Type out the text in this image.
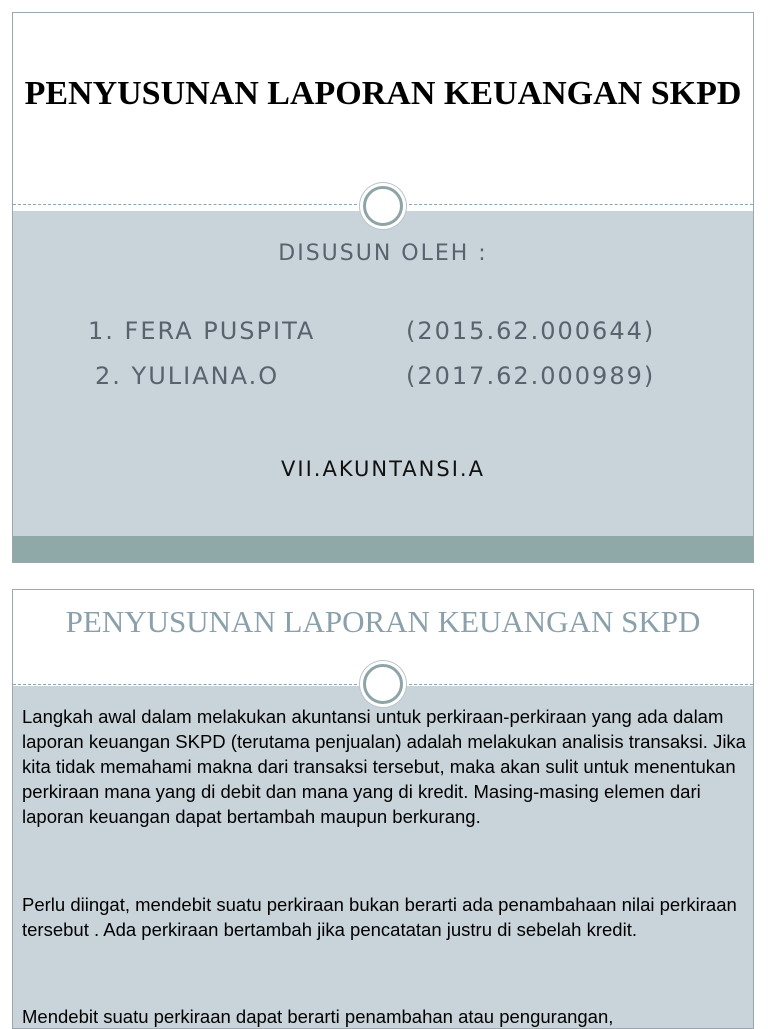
PENYUSUNAN LAPORAN KEUANGAN SKPD
DISUSUN OLEH :
1. FERA PUSPITA	(2015.62.000644)
2. YULIANA.O	(2017.62.000989)
VII.AKUNTANSI.A
PENYUSUNAN LAPORAN KEUANGAN SKPD

Langkah awal dalam melakukan akuntansi untuk perkiraan-perkiraan yang ada dalam laporan keuangan SKPD (terutama penjualan) adalah melakukan analisis transaksi. Jika kita tidak memahami makna dari transaksi tersebut, maka akan sulit untuk menentukan perkiraan mana yang di debit dan mana yang di kredit. Masing-masing elemen dari laporan keuangan dapat bertambah maupun berkurang.

Perlu diingat, mendebit suatu perkiraan bukan berarti ada penambahaan nilai perkiraan tersebut . Ada perkiraan bertambah jika pencatatan justru di sebelah kredit.

Mendebit suatu perkiraan dapat berarti penambahan atau pengurangan,
